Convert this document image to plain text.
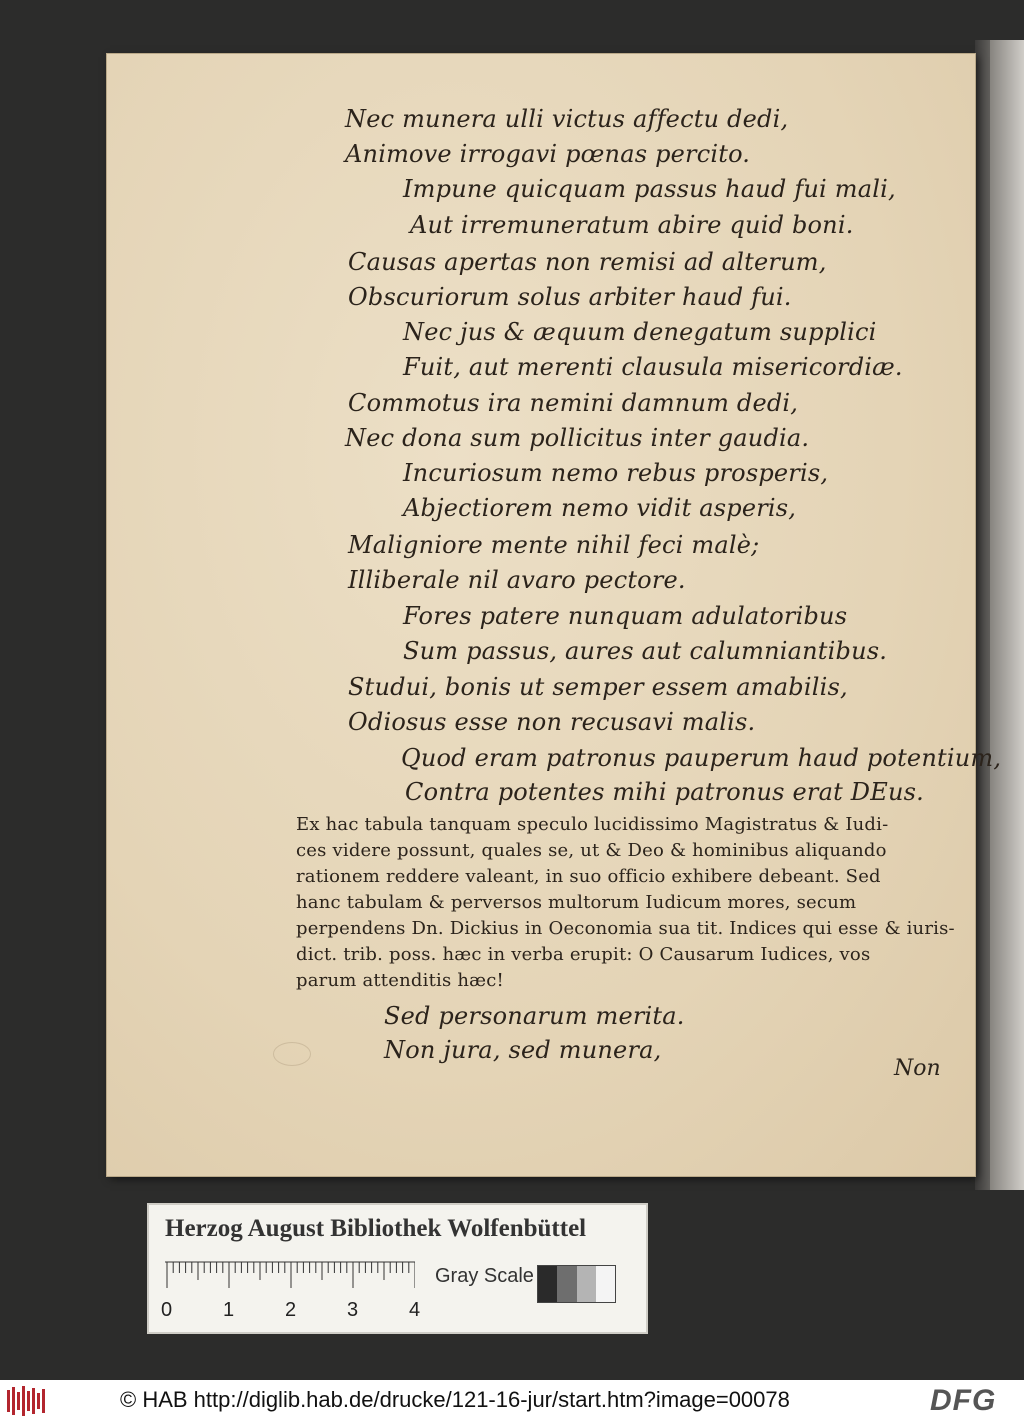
Nec munera ulli victus affectu dedi,
Animove irrogavi pœnas percito.
Impune quicquam passus haud fui mali,
Aut irremuneratum abire quid boni.
Causas apertas non remisi ad alterum,
Obscuriorum solus arbiter haud fui.
Nec jus & æquum denegatum supplici
Fuit, aut merenti clausula misericordiæ.
Commotus ira nemini damnum dedi,
Nec dona sum pollicitus inter gaudia.
Incuriosum nemo rebus prosperis,
Abjectiorem nemo vidit asperis,
Maligniore mente nihil feci malè;
Illiberale nil avaro pectore.
Fores patere nunquam adulatoribus
Sum passus, aures aut calumniantibus.
Studui, bonis ut semper essem amabilis,
Odiosus esse non recusavi malis.
Quod eram patronus pauperum haud potentium,
Contra potentes mihi patronus erat DEus.
Ex hac tabula tanquam speculo lucidissimo Magistratus & Iudi-
ces videre possunt, quales se, ut & Deo & hominibus aliquando
rationem reddere valeant, in suo officio exhibere debeant. Sed
hanc tabulam & perversos multorum Iudicum mores, secum
perpendens Dn. Dickius in Oeconomia sua tit. Indices qui esse & iuris-
dict. trib. poss. hæc in verba erupit: O Causarum Iudices, vos
parum attenditis hæc!
Sed personarum merita.
Non jura, sed munera,
Non
Herzog August Bibliothek Wolfenbüttel
0	1	2	3	4
Gray Scale
© HAB http://diglib.hab.de/drucke/121-16-jur/start.htm?image=00078	DFG
